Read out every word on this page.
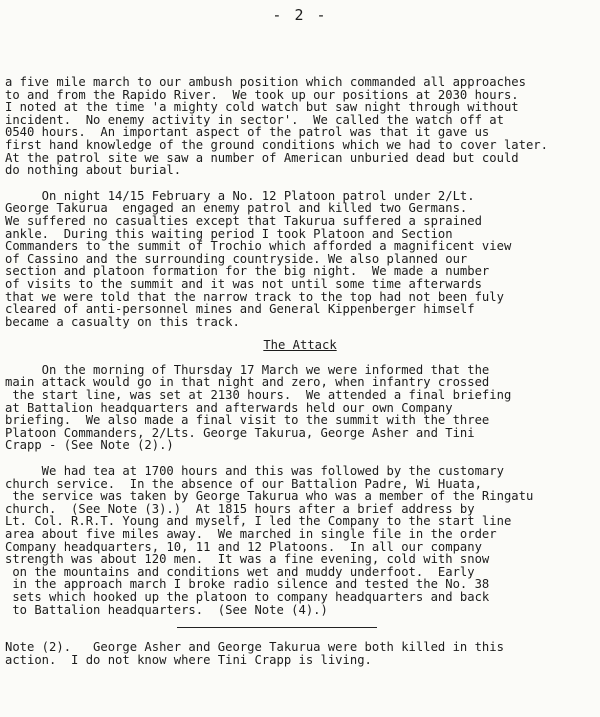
- 2 -
a five mile march to our ambush position which commanded all approaches
to and from the Rapido River.  We took up our positions at 2030 hours.
I noted at the time 'a mighty cold watch but saw night through without
incident.  No enemy activity in sector'.  We called the watch off at
0540 hours.  An important aspect of the patrol was that it gave us
first hand knowledge of the ground conditions which we had to cover later.
At the patrol site we saw a number of American unburied dead but could
do nothing about burial.
On night 14/15 February a No. 12 Platoon patrol under 2/Lt.
George Takurua  engaged an enemy patrol and killed two Germans.
We suffered no casualties except that Takurua suffered a sprained
ankle.  During this waiting period I took Platoon and Section
Commanders to the summit of Trochio which afforded a magnificent view
of Cassino and the surrounding countryside. We also planned our
section and platoon formation for the big night.  We made a number
of visits to the summit and it was not until some time afterwards
that we were told that the narrow track to the top had not been fuly
cleared of anti-personnel mines and General Kippenberger himself
became a casualty on this track.
The Attack
On the morning of Thursday 17 March we were informed that the
main attack would go in that night and zero, when infantry crossed
the start line, was set at 2130 hours.  We attended a final briefing
at Battalion headquarters and afterwards held our own Company
briefing.  We also made a final visit to the summit with the three
Platoon Commanders, 2/Lts. George Takurua, George Asher and Tini
Crapp - (See Note (2).)
We had tea at 1700 hours and this was followed by the customary
church service.  In the absence of our Battalion Padre, Wi Huata,
the service was taken by George Takurua who was a member of the Ringatu
church.  (See Note (3).)  At 1815 hours after a brief address by
Lt. Col. R.R.T. Young and myself, I led the Company to the start line
area about five miles away.  We marched in single file in the order
Company headquarters, 10, 11 and 12 Platoons.  In all our company
strength was about 120 men.  It was a fine evening, cold with snow
on the mountains and conditions wet and muddy underfoot.  Early
in the approach march I broke radio silence and tested the No. 38
sets which hooked up the platoon to company headquarters and back
to Battalion headquarters.  (See Note (4).)
Note (2).   George Asher and George Takurua were both killed in this
action.  I do not know where Tini Crapp is living.
